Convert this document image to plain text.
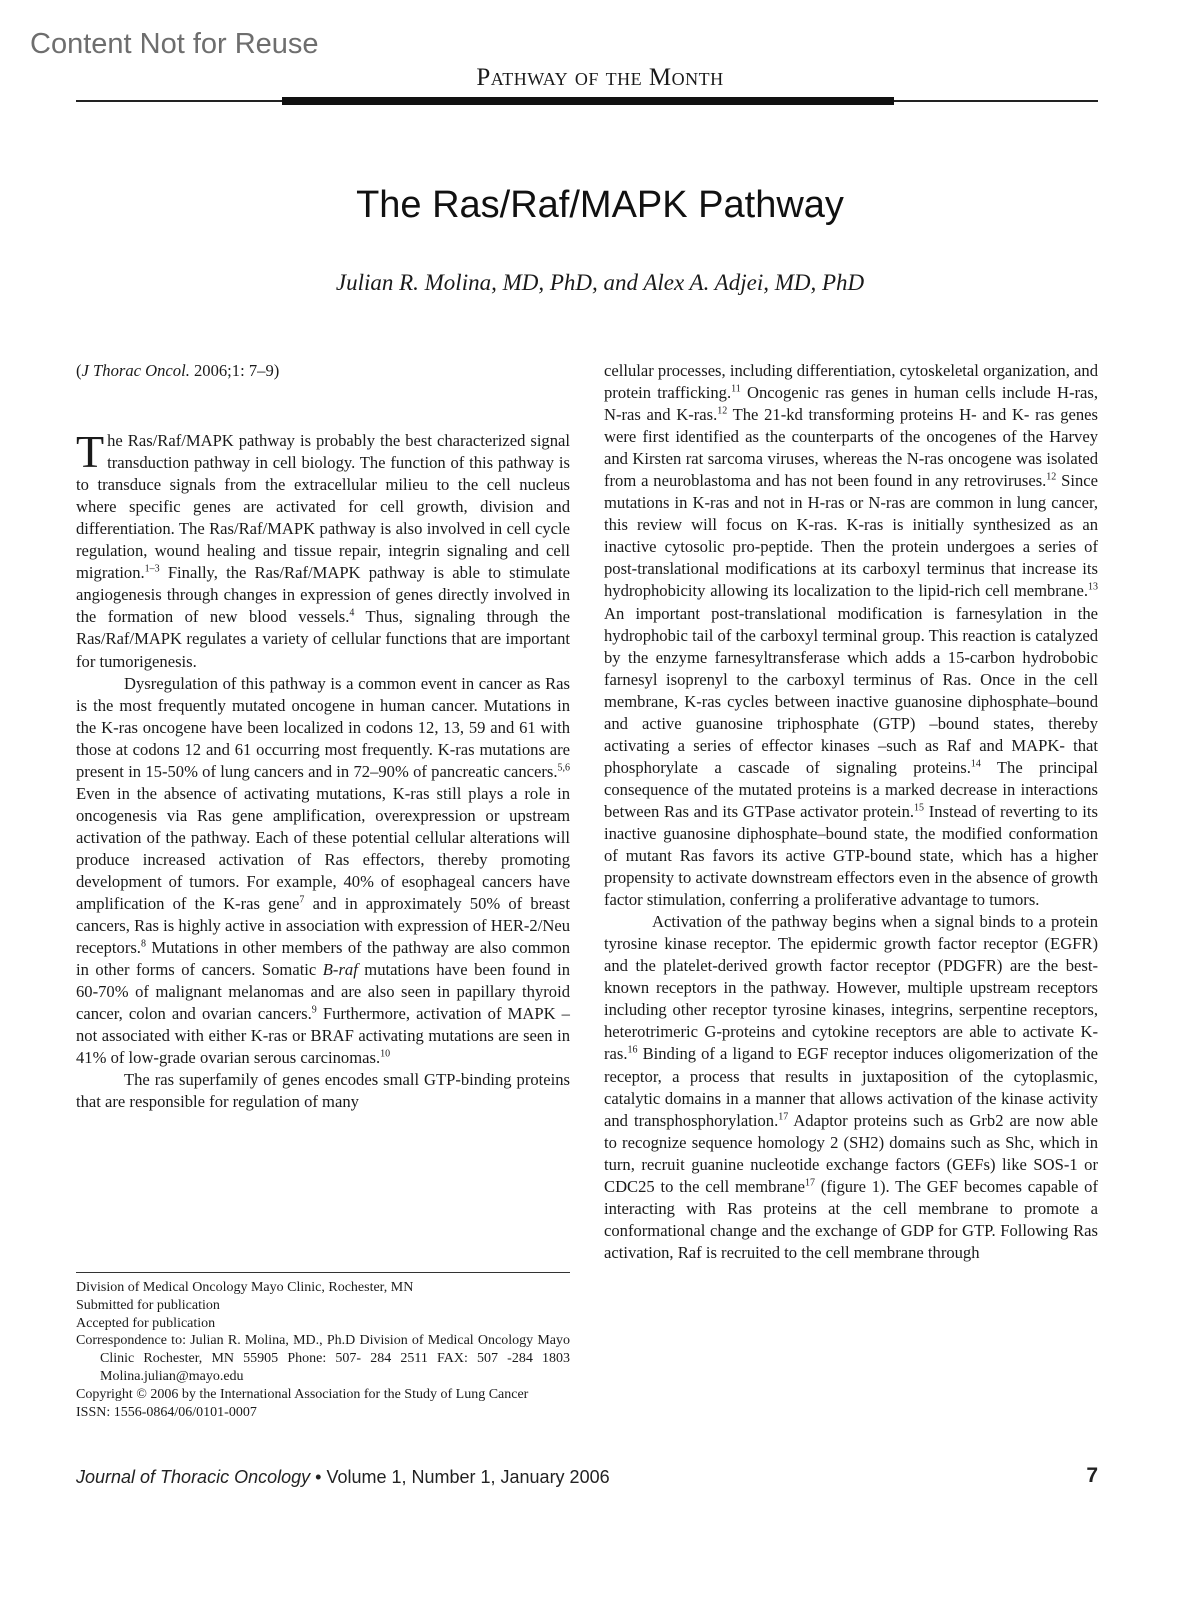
Content Not for Reuse
Pathway of the Month
The Ras/Raf/MAPK Pathway
Julian R. Molina, MD, PhD, and Alex A. Adjei, MD, PhD

(J Thorac Oncol. 2006;1: 7–9)

The Ras/Raf/MAPK pathway is probably the best characterized signal transduction pathway in cell biology. The function of this pathway is to transduce signals from the extracellular milieu to the cell nucleus where specific genes are activated for cell growth, division and differentiation. The Ras/Raf/MAPK pathway is also involved in cell cycle regulation, wound healing and tissue repair, integrin signaling and cell migration.$^{1-3}$ Finally, the Ras/Raf/MAPK pathway is able to stimulate angiogenesis through changes in expression of genes directly involved in the formation of new blood vessels.$^4$ Thus, signaling through the Ras/Raf/MAPK regulates a variety of cellular functions that are important for tumorigenesis.

Dysregulation of this pathway is a common event in cancer as Ras is the most frequently mutated oncogene in human cancer. Mutations in the K-ras oncogene have been localized in codons 12, 13, 59 and 61 with those at codons 12 and 61 occurring most frequently. K-ras mutations are present in 15-50% of lung cancers and in 72–90% of pancreatic cancers.$^{5,6}$ Even in the absence of activating mutations, K-ras still plays a role in oncogenesis via Ras gene amplification, overexpression or upstream activation of the pathway. Each of these potential cellular alterations will produce increased activation of Ras effectors, thereby promoting development of tumors. For example, 40% of esophageal cancers have amplification of the K-ras gene$^7$ and in approximately 50% of breast cancers, Ras is highly active in association with expression of HER-2/Neu receptors.$^8$ Mutations in other members of the pathway are also common in other forms of cancers. Somatic B-raf mutations have been found in 60-70% of malignant melanomas and are also seen in papillary thyroid cancer, colon and ovarian cancers.$^9$ Furthermore, activation of MAPK –not associated with either K-ras or BRAF activating mutations are seen in 41% of low-grade ovarian serous carcinomas.$^{10}$

The ras superfamily of genes encodes small GTP-binding proteins that are responsible for regulation of many

cellular processes, including differentiation, cytoskeletal organization, and protein trafficking.$^{11}$ Oncogenic ras genes in human cells include H-ras, N-ras and K-ras.$^{12}$ The 21-kd transforming proteins H- and K- ras genes were first identified as the counterparts of the oncogenes of the Harvey and Kirsten rat sarcoma viruses, whereas the N-ras oncogene was isolated from a neuroblastoma and has not been found in any retroviruses.$^{12}$ Since mutations in K-ras and not in H-ras or N-ras are common in lung cancer, this review will focus on K-ras. K-ras is initially synthesized as an inactive cytosolic pro-peptide. Then the protein undergoes a series of post-translational modifications at its carboxyl terminus that increase its hydrophobicity allowing its localization to the lipid-rich cell membrane.$^{13}$ An important post-translational modification is farnesylation in the hydrophobic tail of the carboxyl terminal group. This reaction is catalyzed by the enzyme farnesyltransferase which adds a 15-carbon hydrobobic farnesyl isoprenyl to the carboxyl terminus of Ras. Once in the cell membrane, K-ras cycles between inactive guanosine diphosphate–bound and active guanosine triphosphate (GTP) –bound states, thereby activating a series of effector kinases –such as Raf and MAPK- that phosphorylate a cascade of signaling proteins.$^{14}$ The principal consequence of the mutated proteins is a marked decrease in interactions between Ras and its GTPase activator protein.$^{15}$ Instead of reverting to its inactive guanosine diphosphate–bound state, the modified conformation of mutant Ras favors its active GTP-bound state, which has a higher propensity to activate downstream effectors even in the absence of growth factor stimulation, conferring a proliferative advantage to tumors.

Activation of the pathway begins when a signal binds to a protein tyrosine kinase receptor. The epidermic growth factor receptor (EGFR) and the platelet-derived growth factor receptor (PDGFR) are the best-known receptors in the pathway. However, multiple upstream receptors including other receptor tyrosine kinases, integrins, serpentine receptors, heterotrimeric G-proteins and cytokine receptors are able to activate K-ras.$^{16}$ Binding of a ligand to EGF receptor induces oligomerization of the receptor, a process that results in juxtaposition of the cytoplasmic, catalytic domains in a manner that allows activation of the kinase activity and transphosphorylation.$^{17}$ Adaptor proteins such as Grb2 are now able to recognize sequence homology 2 (SH2) domains such as Shc, which in turn, recruit guanine nucleotide exchange factors (GEFs) like SOS-1 or CDC25 to the cell membrane$^{17}$ (figure 1). The GEF becomes capable of interacting with Ras proteins at the cell membrane to promote a conformational change and the exchange of GDP for GTP. Following Ras activation, Raf is recruited to the cell membrane through

Division of Medical Oncology Mayo Clinic, Rochester, MN

Submitted for publication

Accepted for publication

Correspondence to: Julian R. Molina, MD., Ph.D Division of Medical Oncology Mayo Clinic Rochester, MN 55905 Phone: 507- 284 2511 FAX: 507 -284 1803 Molina.julian@mayo.edu

Copyright © 2006 by the International Association for the Study of Lung Cancer

ISSN: 1556-0864/06/0101-0007

Journal of Thoracic Oncology • Volume 1, Number 1, January 2006	7
